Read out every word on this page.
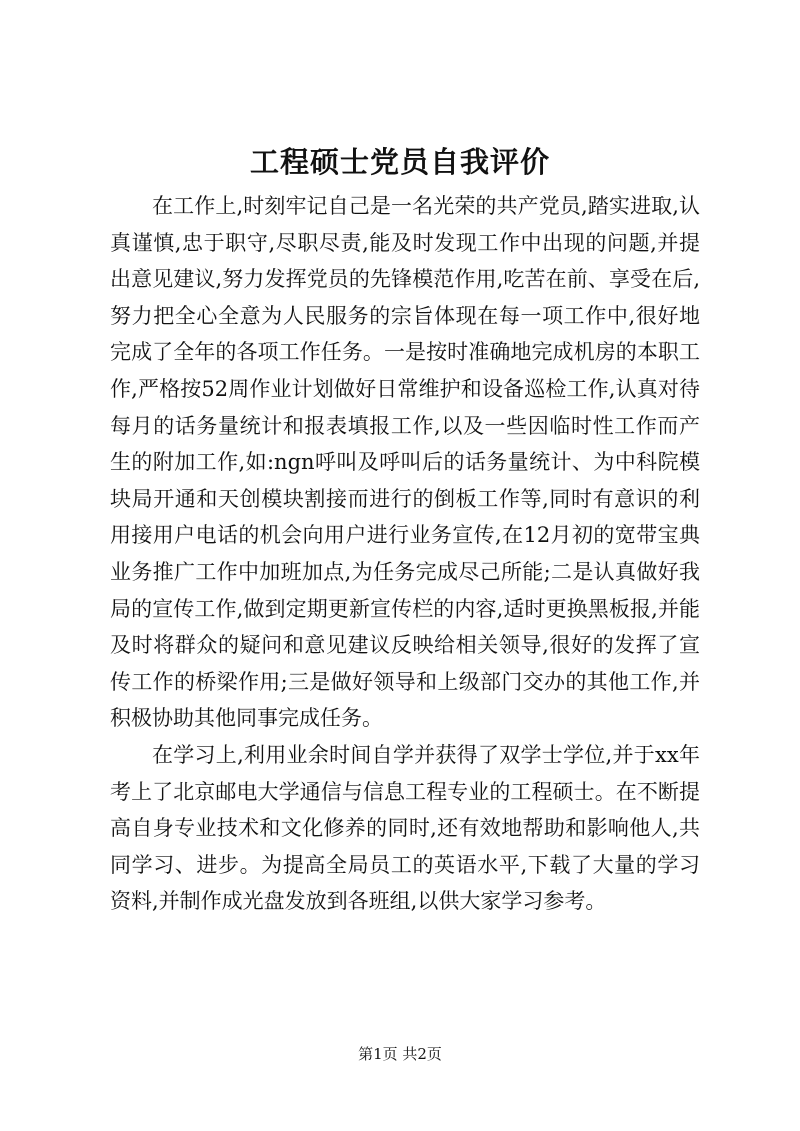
工程硕士党员自我评价

在工作上,时刻牢记自己是一名光荣的共产党员,踏实进取,认真谨慎,忠于职守,尽职尽责,能及时发现工作中出现的问题,并提出意见建议,努力发挥党员的先锋模范作用,吃苦在前、享受在后,努力把全心全意为人民服务的宗旨体现在每一项工作中,很好地完成了全年的各项工作任务。一是按时准确地完成机房的本职工作,严格按52周作业计划做好日常维护和设备巡检工作,认真对待每月的话务量统计和报表填报工作,以及一些因临时性工作而产生的附加工作,如:ngn呼叫及呼叫后的话务量统计、为中科院模块局开通和天创模块割接而进行的倒板工作等,同时有意识的利用接用户电话的机会向用户进行业务宣传,在12月初的宽带宝典业务推广工作中加班加点,为任务完成尽己所能;二是认真做好我局的宣传工作,做到定期更新宣传栏的内容,适时更换黑板报,并能及时将群众的疑问和意见建议反映给相关领导,很好的发挥了宣传工作的桥梁作用;三是做好领导和上级部门交办的其他工作,并积极协助其他同事完成任务。

在学习上,利用业余时间自学并获得了双学士学位,并于xx年考上了北京邮电大学通信与信息工程专业的工程硕士。在不断提高自身专业技术和文化修养的同时,还有效地帮助和影响他人,共同学习、进步。为提高全局员工的英语水平,下载了大量的学习资料,并制作成光盘发放到各班组,以供大家学习参考。

第1页 共2页
